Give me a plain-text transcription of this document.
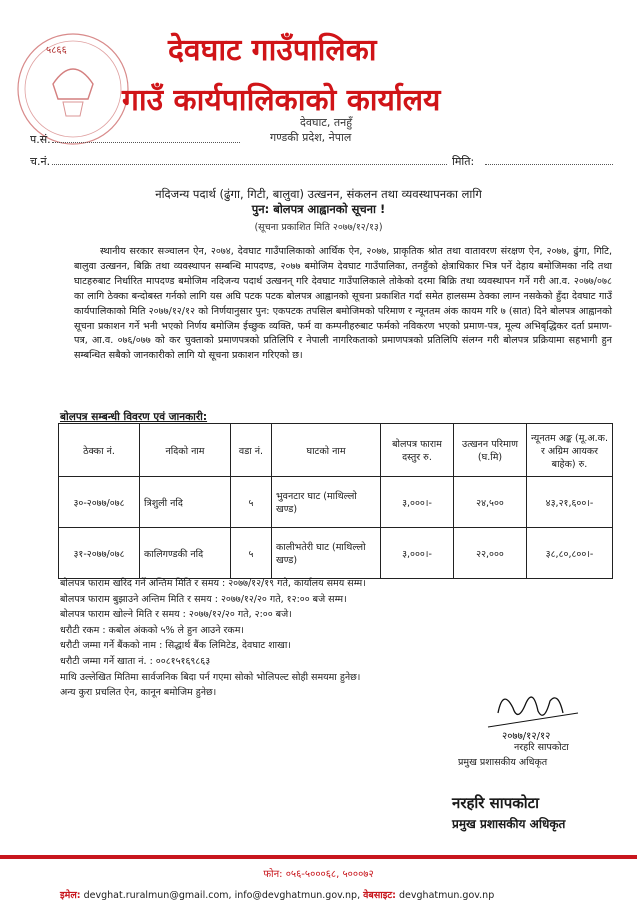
५८६६	देवघाट गाउँपालिका
गाउँ कार्यपालिकाको कार्यालय
देवघाट, तनहुँ
गण्डकी प्रदेश, नेपाल
प.सं.
च.नं.	मिति:
नदिजन्य पदार्थ (ढुंगा, गिटी, बालुवा) उत्खनन, संकलन तथा व्यवस्थापनका लागि
पुन: बोलपत्र आह्वानको सूचना !
(सूचना प्रकाशित मिति २०७७/१२/१३)
स्थानीय सरकार सञ्चालन ऐन, २०७४, देवघाट गाउँपालिकाको आर्थिक ऐन, २०७७, प्राकृतिक श्रोत तथा वातावरण संरक्षण ऐन, २०७७, ढुंगा, गिटि, बालुवा उत्खनन, बिक्रि तथा व्यवस्थापन सम्बन्धि मापदण्ड, २०७७ बमोजिम देवघाट गाउँपालिका, तनहुँको क्षेत्राधिकार भित्र पर्ने देहाय बमोजिमका नदि तथा घाटहरुबाट निर्धारित मापदण्ड बमोजिम नदिजन्य पदार्थ उत्खनन् गरि देवघाट गाउँपालिकाले तोकेको दरमा बिक्रि तथा व्यवस्थापन गर्ने गरी आ.व. २०७७/०७८ का लागि ठेक्का बन्दोबस्त गर्नको लागि यस अघि पटक पटक बोलपत्र आह्वानको सूचना प्रकाशित गर्दा समेत हालसम्म ठेक्का लाग्न नसकेको हुँदा देवघाट गाउँ कार्यपालिकाको मिति २०७७/१२/१२ को निर्णयानुसार पुन: एकपटक तपसिल बमोजिमको परिमाण र न्यूनतम अंक कायम गरि ७ (सात) दिने बोलपत्र आह्वानको सूचना प्रकाशन गर्ने भनी भएको निर्णय बमोजिम ईच्छुक व्यक्ति, फर्म वा कम्पनीहरुबाट फर्मको नविकरण भएको प्रमाण-पत्र, मूल्य अभिबृद्धिकर दर्ता प्रमाण-पत्र, आ.व. ०७६/०७७ को कर चुक्ताको प्रमाणपत्रको प्रतिलिपि र नेपाली नागरिकताको प्रमाणपत्रको प्रतिलिपि संलग्न गरी बोलपत्र प्रक्रियामा सहभागी हुन सम्बन्धित सबैको जानकारीको लागि यो सूचना प्रकाशन गरिएको छ।
बोलपत्र सम्बन्धी विवरण एवं जानकारी:
ठेक्का नं.	नदिको नाम	वडा नं.	घाटको नाम	बोलपत्र फाराम दस्तुर रु.	उत्खनन परिमाण (घ.मि)	न्यूनतम अङ्क (मू.अ.क. र अग्रिम आयकर बाहेक) रु.
३०-२०७७/०७८	त्रिशुली नदि	५	भुवनटार घाट (माथिल्लो खण्ड)	३,०००।-	२४,५००	४३,२१,६००।-
३१-२०७७/०७८	कालिगण्डकी नदि	५	कालीभतेरी घाट (माथिल्लो खण्ड)	३,०००।-	२२,०००	३८,८०,८००।-
बोलपत्र फाराम खरिद गर्ने अन्तिम मिति र समय : २०७७/१२/१९ गते, कार्यालय समय सम्म।
बोलपत्र फाराम बुझाउने अन्तिम मिति र समय : २०७७/१२/२० गते, १२:०० बजे सम्म।
बोलपत्र फाराम खोल्ने मिति र समय : २०७७/१२/२० गते, २:०० बजे।
धरौटी रकम : कबोल अंकको ५% ले हुन आउने रकम।
धरौटी जम्मा गर्ने बैंकको नाम : सिद्धार्थ बैंक लिमिटेड, देवघाट शाखा।
धरौटी जम्मा गर्ने खाता नं. : ००८१५१६९८६३
माथि उल्लेखित मितिमा सार्वजनिक बिदा पर्न गएमा सोको भोलिपल्ट सोही समयमा हुनेछ।
अन्य कुरा प्रचलित ऐन, कानून बमोजिम हुनेछ।
२०७७/१२/१२
नरहरि सापकोटा
प्रमुख प्रशासकीय अधिकृत
नरहरि सापकोटा
प्रमुख प्रशासकीय अधिकृत
फोन: ०५६-५०००६८, ५०००७२
इमेल: devghat.ruralmun@gmail.com, info@devghatmun.gov.np, वेबसाइट: devghatmun.gov.np
